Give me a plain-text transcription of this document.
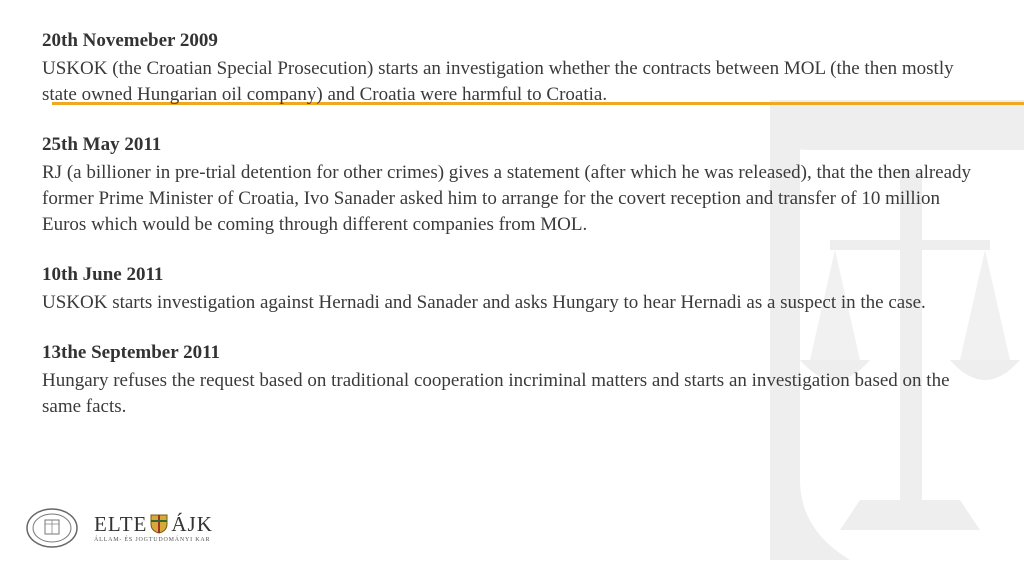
20th Novemeber 2009
USKOK (the Croatian Special Prosecution) starts an investigation whether the contracts between MOL (the then mostly state owned Hungarian oil company) and Croatia were harmful to Croatia.
25th May 2011
RJ (a billioner in pre-trial detention for other crimes) gives a statement (after which he was released), that the then already former Prime Minister of Croatia, Ivo Sanader asked him to arrange for the covert reception and transfer of 10 million Euros which would be coming through different companies from MOL.
10th June 2011
USKOK starts investigation against Hernadi and Sanader and asks Hungary to hear Hernadi as a suspect in the case.
13the September 2011
Hungary refuses the request based on traditional cooperation incriminal matters and starts an investigation based on the same facts.
ELTE ÁJK
ÁLLAM- ÉS JOGTUDOMÁNYI KAR
